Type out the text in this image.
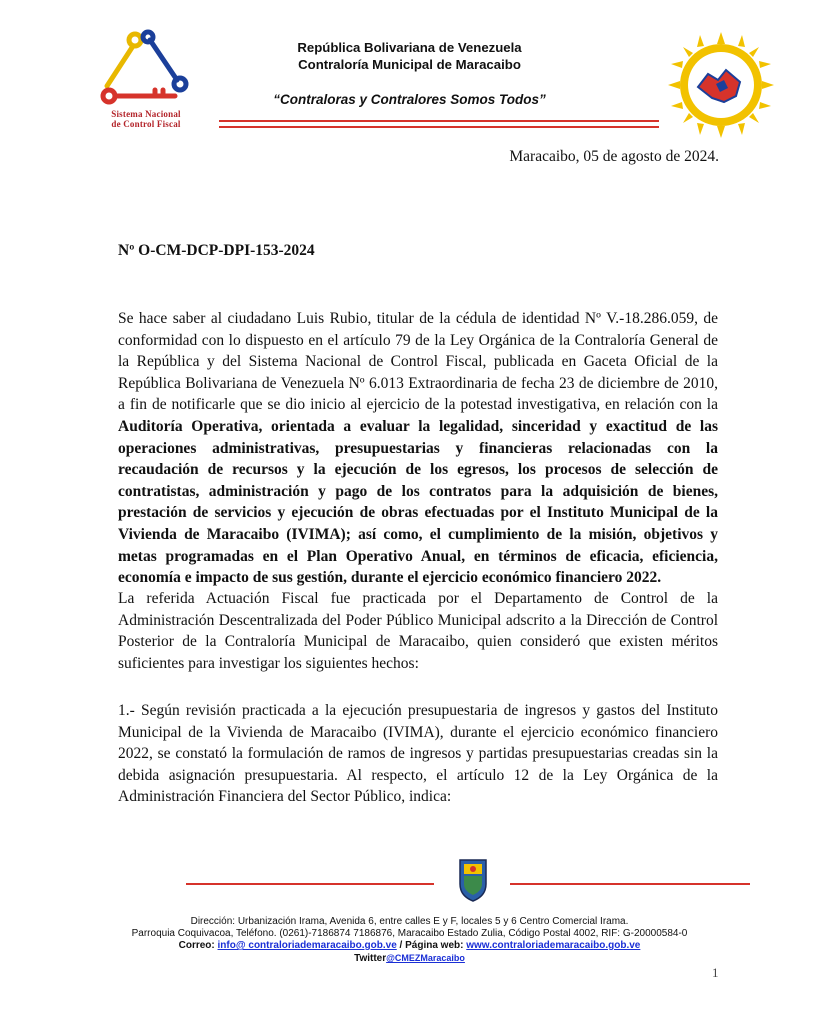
Sistema Nacional
de Control Fiscal
República Bolivariana de Venezuela
Contraloría Municipal de Maracaibo
“Contraloras y Contralores Somos Todos”
Maracaibo, 05 de agosto de 2024.
Nº O-CM-DCP-DPI-153-2024
Se hace saber al ciudadano Luis Rubio, titular de la cédula de identidad Nº V.-18.286.059, de conformidad con lo dispuesto en el artículo 79 de la Ley Orgánica de la Contraloría General de la República y del Sistema Nacional de Control Fiscal, publicada en Gaceta Oficial de la República Bolivariana de Venezuela Nº 6.013 Extraordinaria de fecha 23 de diciembre de 2010, a fin de notificarle que se dio inicio al ejercicio de la potestad investigativa, en relación con la Auditoría Operativa, orientada a evaluar la legalidad, sinceridad y exactitud de las operaciones administrativas, presupuestarias y financieras relacionadas con la recaudación de recursos y la ejecución de los egresos, los procesos de selección de contratistas, administración y pago de los contratos para la adquisición de bienes, prestación de servicios y ejecución de obras efectuadas por el Instituto Municipal de la Vivienda de Maracaibo (IVIMA); así como, el cumplimiento de la misión, objetivos y metas programadas en el Plan Operativo Anual, en términos de eficacia, eficiencia, economía e impacto de sus gestión, durante el ejercicio económico financiero 2022.
La referida Actuación Fiscal fue practicada por el Departamento de Control de la Administración Descentralizada del Poder Público Municipal adscrito a la Dirección de Control Posterior de la Contraloría Municipal de Maracaibo, quien consideró que existen méritos suficientes para investigar los siguientes hechos:
1.- Según revisión practicada a la ejecución presupuestaria de ingresos y gastos del Instituto Municipal de la Vivienda de Maracaibo (IVIMA), durante el ejercicio económico financiero 2022, se constató la formulación de ramos de ingresos y partidas presupuestarias creadas sin la debida asignación presupuestaria. Al respecto, el artículo 12 de la Ley Orgánica de la Administración Financiera del Sector Público, indica:
Dirección: Urbanización Irama, Avenida 6, entre calles E y F, locales 5 y 6 Centro Comercial Irama.
Parroquia Coquivacoa, Teléfono. (0261)-7186874 7186876, Maracaibo Estado Zulia, Código Postal 4002, RIF: G-20000584-0
Correo: info@ contraloriademaracaibo.gob.ve / Página web: www.contraloriademaracaibo.gob.ve
Twitter@CMEZMaracaibo
1
